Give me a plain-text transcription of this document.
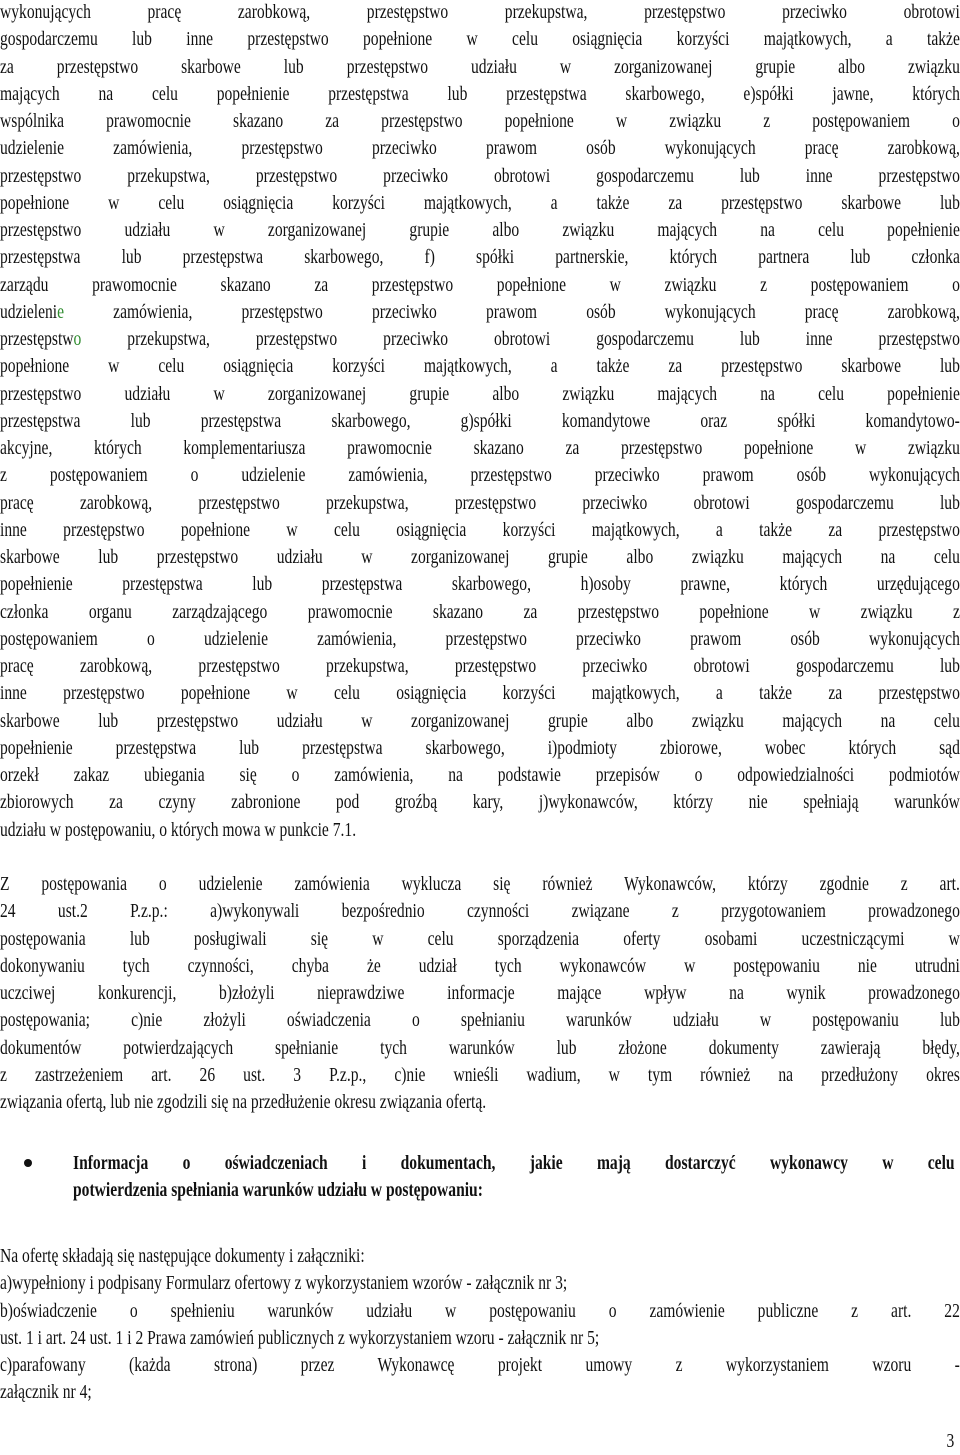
wykonujących pracę zarobkową, przestępstwo przekupstwa, przestępstwo przeciwko obrotowi
gospodarczemu lub inne przestępstwo popełnione w celu osiągnięcia korzyści majątkowych, a także
za przestępstwo skarbowe lub przestępstwo udziału w zorganizowanej grupie albo związku
mających na celu popełnienie przestępstwa lub przestępstwa skarbowego, e)spółki jawne, których
wspólnika prawomocnie skazano za przestępstwo popełnione w związku z postępowaniem o
udzielenie zamówienia, przestępstwo przeciwko prawom osób wykonujących pracę zarobkową,
przestępstwo przekupstwa, przestępstwo przeciwko obrotowi gospodarczemu lub inne przestępstwo
popełnione w celu osiągnięcia korzyści majątkowych, a także za przestępstwo skarbowe lub
przestępstwo udziału w zorganizowanej grupie albo związku mających na celu popełnienie
przestępstwa lub przestępstwa skarbowego, f) spółki partnerskie, których partnera lub członka
zarządu prawomocnie skazano za przestępstwo popełnione w związku z postępowaniem o
udzielenie zamówienia, przestępstwo przeciwko prawom osób wykonujących pracę zarobkową,
przestępstwo przekupstwa, przestępstwo przeciwko obrotowi gospodarczemu lub inne przestępstwo
popełnione w celu osiągnięcia korzyści majątkowych, a także za przestępstwo skarbowe lub
przestępstwo udziału w zorganizowanej grupie albo związku mających na celu popełnienie
przestępstwa lub przestępstwa skarbowego, g)spółki komandytowe oraz spółki komandytowo-
akcyjne, których komplementariusza prawomocnie skazano za przestępstwo popełnione w związku
z postępowaniem o udzielenie zamówienia, przestępstwo przeciwko prawom osób wykonujących
pracę zarobkową, przestępstwo przekupstwa, przestępstwo przeciwko obrotowi gospodarczemu lub
inne przestępstwo popełnione w celu osiągnięcia korzyści majątkowych, a także za przestępstwo
skarbowe lub przestępstwo udziału w zorganizowanej grupie albo związku mających na celu
popełnienie przestępstwa lub przestępstwa skarbowego, h)osoby prawne, których urzędującego
członka organu zarządzającego prawomocnie skazano za przestępstwo popełnione w związku z
postępowaniem o udzielenie zamówienia, przestępstwo przeciwko prawom osób wykonujących
pracę zarobkową, przestępstwo przekupstwa, przestępstwo przeciwko obrotowi gospodarczemu lub
inne przestępstwo popełnione w celu osiągnięcia korzyści majątkowych, a także za przestępstwo
skarbowe lub przestępstwo udziału w zorganizowanej grupie albo związku mających na celu
popełnienie przestępstwa lub przestępstwa skarbowego, i)podmioty zbiorowe, wobec których sąd
orzekł zakaz ubiegania się o zamówienia, na podstawie przepisów o odpowiedzialności podmiotów
zbiorowych za czyny zabronione pod groźbą kary, j)wykonawców, którzy nie spełniają warunków
udziału w postępowaniu, o których mowa w punkcie 7.1.
Z postępowania o udzielenie zamówienia wyklucza się również Wykonawców, którzy zgodnie z art.
24 ust.2 P.z.p.: a)wykonywali bezpośrednio czynności związane z przygotowaniem prowadzonego
postępowania lub posługiwali się w celu sporządzenia oferty osobami uczestniczącymi w
dokonywaniu tych czynności, chyba że udział tych wykonawców w postępowaniu nie utrudni
uczciwej konkurencji, b)złożyli nieprawdziwe informacje mające wpływ na wynik prowadzonego
postępowania; c)nie złożyli oświadczenia o spełnianiu warunków udziału w postępowaniu lub
dokumentów potwierdzających spełnianie tych warunków lub złożone dokumenty zawierają błędy,
z zastrzeżeniem art. 26 ust. 3 P.z.p., c)nie wnieśli wadium, w tym również na przedłużony okres
związania ofertą, lub nie zgodzili się na przedłużenie okresu związania ofertą.
Informacja o oświadczeniach i dokumentach, jakie mają dostarczyć wykonawcy w celu
potwierdzenia spełniania warunków udziału w postępowaniu:
Na ofertę składają się następujące dokumenty i załączniki:
a)wypełniony i podpisany Formularz ofertowy z wykorzystaniem wzorów - załącznik nr 3;
b)oświadczenie o spełnieniu warunków udziału w postępowaniu o zamówienie publiczne z art. 22
ust. 1 i art. 24 ust. 1 i 2 Prawa zamówień publicznych z wykorzystaniem wzoru - załącznik nr 5;
c)parafowany (każda strona) przez Wykonawcę projekt umowy z wykorzystaniem wzoru -
załącznik nr 4;
3
